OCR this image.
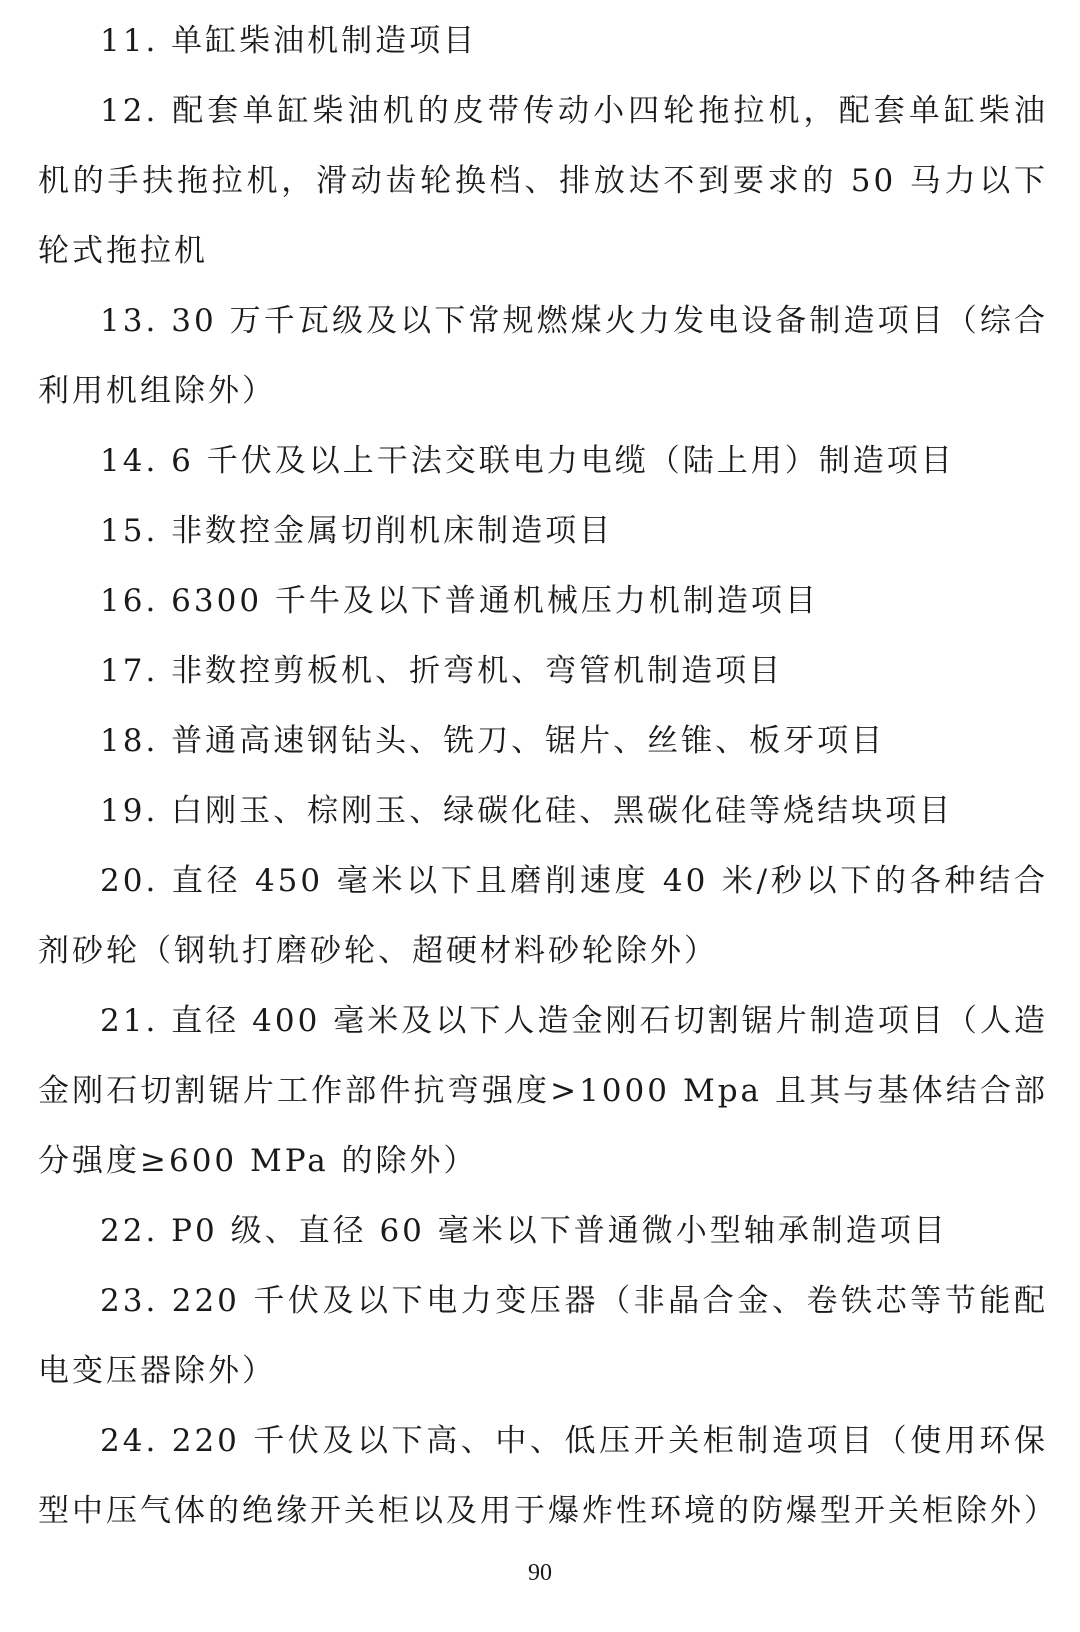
11. 单缸柴油机制造项目

12. 配套单缸柴油机的皮带传动小四轮拖拉机，配套单缸柴油机的手扶拖拉机，滑动齿轮换档、排放达不到要求的 50 马力以下轮式拖拉机

13. 30 万千瓦级及以下常规燃煤火力发电设备制造项目（综合利用机组除外）

14. 6 千伏及以上干法交联电力电缆（陆上用）制造项目

15. 非数控金属切削机床制造项目

16. 6300 千牛及以下普通机械压力机制造项目

17. 非数控剪板机、折弯机、弯管机制造项目

18. 普通高速钢钻头、铣刀、锯片、丝锥、板牙项目

19. 白刚玉、棕刚玉、绿碳化硅、黑碳化硅等烧结块项目

20. 直径 450 毫米以下且磨削速度 40 米/秒以下的各种结合剂砂轮（钢轨打磨砂轮、超硬材料砂轮除外）

21. 直径 400 毫米及以下人造金刚石切割锯片制造项目（人造金刚石切割锯片工作部件抗弯强度>1000 Mpa 且其与基体结合部分强度≥600 MPa 的除外）

22. P0 级、直径 60 毫米以下普通微小型轴承制造项目

23. 220 千伏及以下电力变压器（非晶合金、卷铁芯等节能配电变压器除外）

24. 220 千伏及以下高、中、低压开关柜制造项目（使用环保型中压气体的绝缘开关柜以及用于爆炸性环境的防爆型开关柜除外）

90
